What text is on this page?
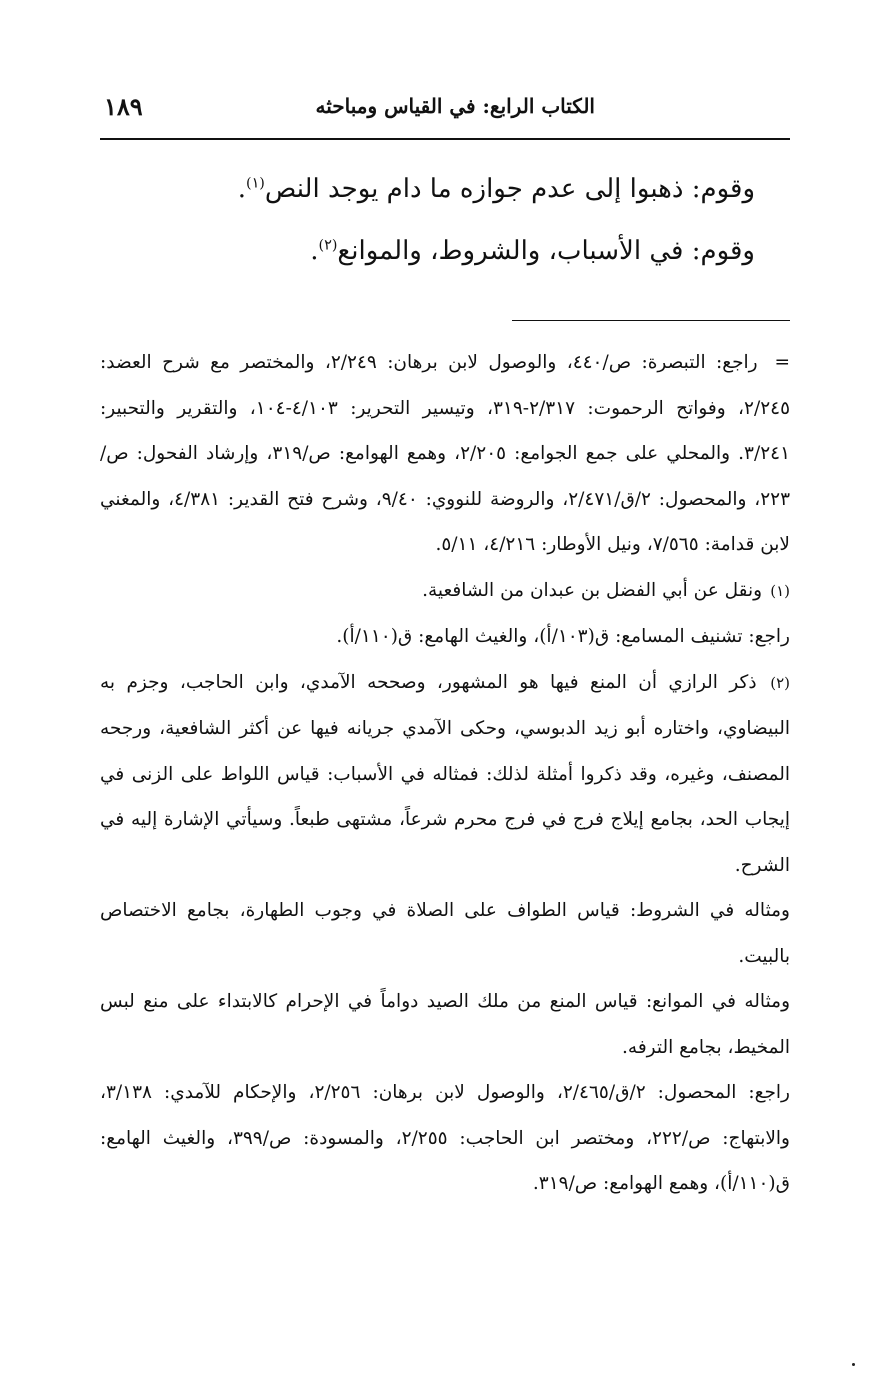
الكتاب الرابع: في القياس ومباحثه
١٨٩

وقوم: ذهبوا إلى عدم جوازه ما دام يوجد النص$^{(١)}$.

وقوم: في الأسباب، والشروط، والموانع$^{(٢)}$.

= راجع: التبصرة: ص/٤٤٠، والوصول لابن برهان: ٢/٢٤٩، والمختصر مع شرح العضد: ٢/٢٤٥، وفواتح الرحموت: ٢/٣١٧-٣١٩، وتيسير التحرير: ٤/١٠٣-١٠٤، والتقرير والتحبير: ٣/٢٤١. والمحلي على جمع الجوامع: ٢/٢٠٥، وهمع الهوامع: ص/٣١٩، وإرشاد الفحول: ص/٢٢٣، والمحصول: ٢/ق/٢/٤٧١، والروضة للنووي: ٩/٤٠، وشرح فتح القدير: ٤/٣٨١، والمغني لابن قدامة: ٧/٥٦٥، ونيل الأوطار: ٤/٢١٦، ٥/١١.

(١) ونقل عن أبي الفضل بن عبدان من الشافعية.

راجع: تشنيف المسامع: ق(١٠٣/أ)، والغيث الهامع: ق(١١٠/أ).

(٢) ذكر الرازي أن المنع فيها هو المشهور، وصححه الآمدي، وابن الحاجب، وجزم به البيضاوي، واختاره أبو زيد الدبوسي، وحكى الآمدي جريانه فيها عن أكثر الشافعية، ورجحه المصنف، وغيره، وقد ذكروا أمثلة لذلك: فمثاله في الأسباب: قياس اللواط على الزنى في إيجاب الحد، بجامع إيلاج فرج في فرج محرم شرعاً، مشتهى طبعاً. وسيأتي الإشارة إليه في الشرح.

ومثاله في الشروط: قياس الطواف على الصلاة في وجوب الطهارة، بجامع الاختصاص بالبيت.

ومثاله في الموانع: قياس المنع من ملك الصيد دواماً في الإحرام كالابتداء على منع لبس المخيط، بجامع الترفه.

راجع: المحصول: ٢/ق/٢/٤٦٥، والوصول لابن برهان: ٢/٢٥٦، والإحكام للآمدي: ٣/١٣٨، والابتهاج: ص/٢٢٢، ومختصر ابن الحاجب: ٢/٢٥٥، والمسودة: ص/٣٩٩، والغيث الهامع: ق(١١٠/أ)، وهمع الهوامع: ص/٣١٩.
